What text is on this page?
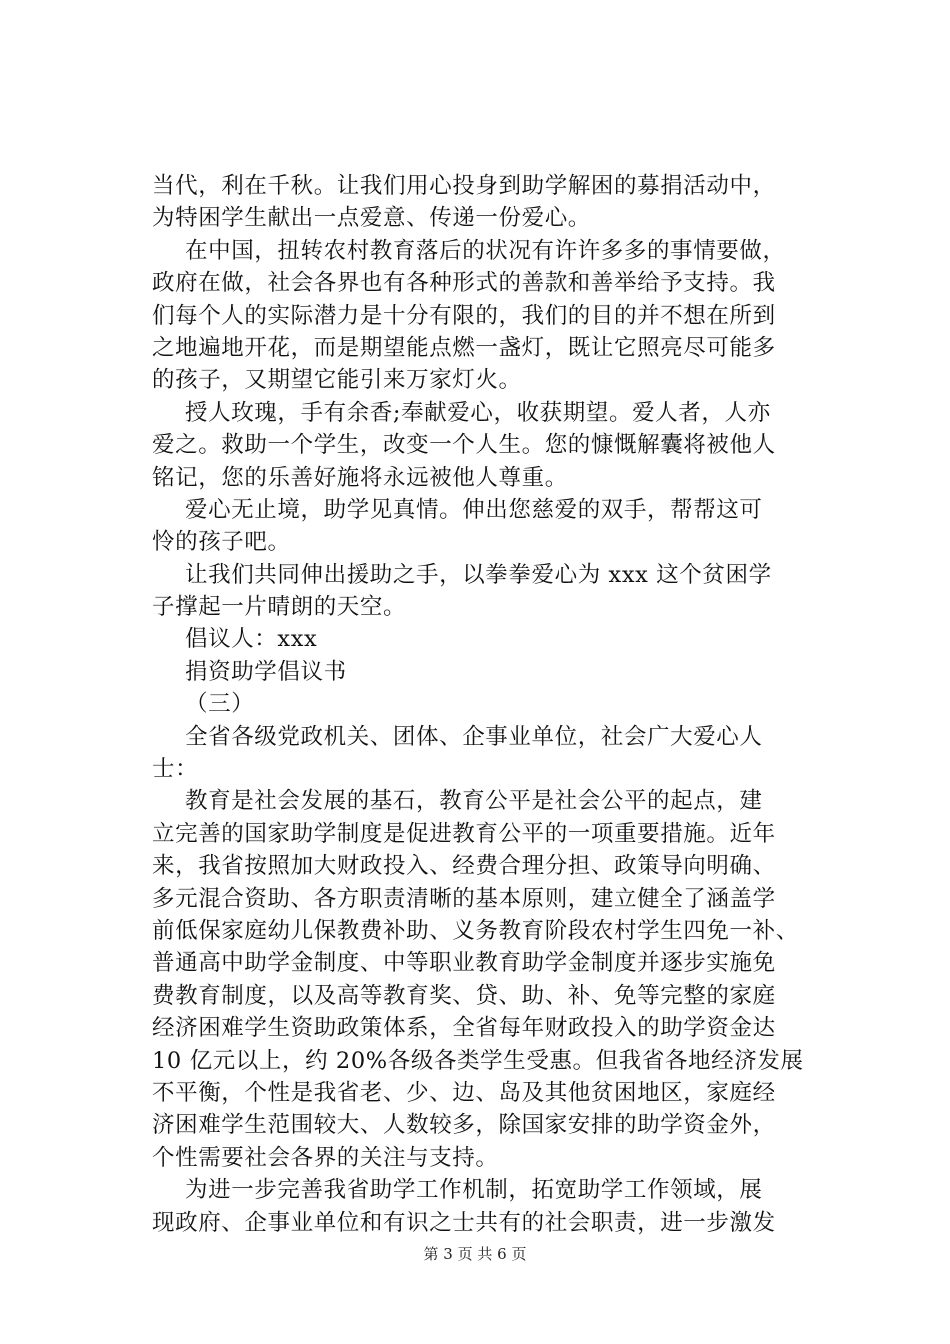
当代，利在千秋。让我们用心投身到助学解困的募捐活动中，
为特困学生献出一点爱意、传递一份爱心。
在中国，扭转农村教育落后的状况有许许多多的事情要做，
政府在做，社会各界也有各种形式的善款和善举给予支持。我
们每个人的实际潜力是十分有限的，我们的目的并不想在所到
之地遍地开花，而是期望能点燃一盏灯，既让它照亮尽可能多
的孩子，又期望它能引来万家灯火。
授人玫瑰，手有余香;奉献爱心，收获期望。爱人者，人亦
爱之。救助一个学生，改变一个人生。您的慷慨解囊将被他人
铭记，您的乐善好施将永远被他人尊重。
爱心无止境，助学见真情。伸出您慈爱的双手，帮帮这可
怜的孩子吧。
让我们共同伸出援助之手，以拳拳爱心为 xxx 这个贫困学
子撑起一片晴朗的天空。
倡议人：xxx
捐资助学倡议书
（三）
全省各级党政机关、团体、企事业单位，社会广大爱心人
士：
教育是社会发展的基石，教育公平是社会公平的起点，建
立完善的国家助学制度是促进教育公平的一项重要措施。近年
来，我省按照加大财政投入、经费合理分担、政策导向明确、
多元混合资助、各方职责清晰的基本原则，建立健全了涵盖学
前低保家庭幼儿保教费补助、义务教育阶段农村学生四免一补、
普通高中助学金制度、中等职业教育助学金制度并逐步实施免
费教育制度，以及高等教育奖、贷、助、补、免等完整的家庭
经济困难学生资助政策体系，全省每年财政投入的助学资金达
10 亿元以上，约 20%各级各类学生受惠。但我省各地经济发展
不平衡，个性是我省老、少、边、岛及其他贫困地区，家庭经
济困难学生范围较大、人数较多，除国家安排的助学资金外，
个性需要社会各界的关注与支持。
为进一步完善我省助学工作机制，拓宽助学工作领域，展
现政府、企事业单位和有识之士共有的社会职责，进一步激发
第 3 页 共 6 页
